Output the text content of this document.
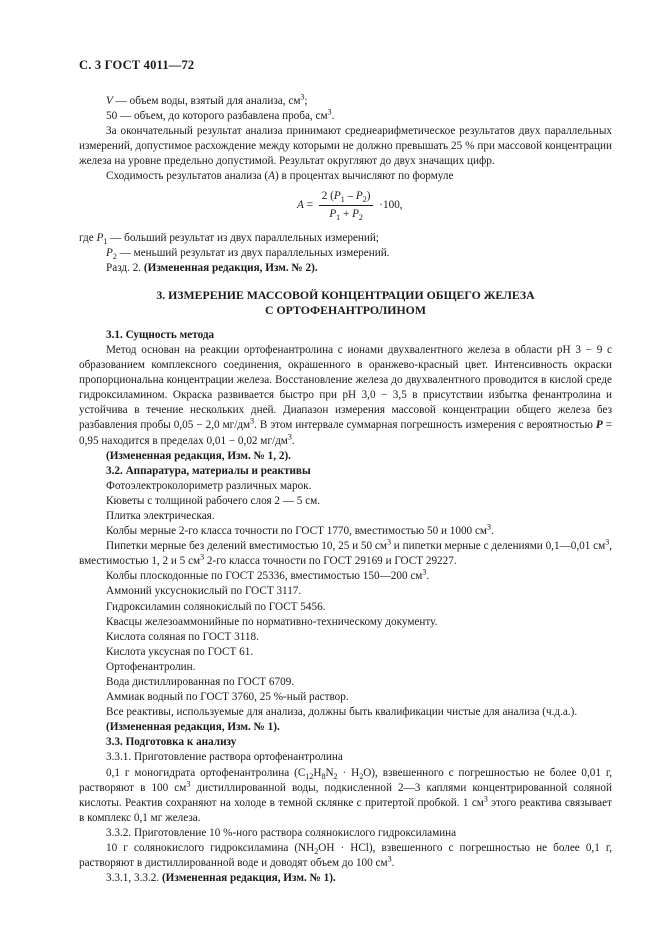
С. 3 ГОСТ 4011—72

V — объем воды, взятый для анализа, $см^3$;

50 — объем, до которого разбавлена проба, $см^3$.

За окончательный результат анализа принимают среднеарифметическое результатов двух параллельных измерений, допустимое расхождение между которыми не должно превышать 25 % при массовой концентрации железа на уровне предельно допустимой. Результат округляют до двух значащих цифр.

Сходимость результатов анализа (A) в процентах вычисляют по формуле

$A = \frac{2 (P_1 - P_2)}{P_1 + P_2} \cdot 100$,

где $P_1$ — больший результат из двух параллельных измерений;

$P_2$ — меньший результат из двух параллельных измерений.

Разд. 2. (Измененная редакция, Изм. № 2).

3. ИЗМЕРЕНИЕ МАССОВОЙ КОНЦЕНТРАЦИИ ОБЩЕГО ЖЕЛЕЗА

С ОРТОФЕНАНТРОЛИНОМ

3.1. Сущность метода

Метод основан на реакции ортофенантролина с ионами двухвалентного железа в области рН 3 − 9 с образованием комплексного соединения, окрашенного в оранжево-красный цвет. Интенсивность окраски пропорциональна концентрации железа. Восстановление железа до двухвалентного проводится в кислой среде гидроксиламином. Окраска развивается быстро при рН 3,0 − 3,5 в присутствии избытка фенантролина и устойчива в течение нескольких дней. Диапазон измерения массовой концентрации общего железа без разбавления пробы 0,05 − 2,0 $мг/дм^3$. В этом интервале суммарная погрешность измерения с вероятностью P = 0,95 находится в пределах 0,01 − 0,02 $мг/дм^3$.

(Измененная редакция, Изм. № 1, 2).

3.2. Аппаратура, материалы и реактивы

Фотоэлектроколориметр различных марок.

Кюветы с толщиной рабочего слоя 2 — 5 см.

Плитка электрическая.

Колбы мерные 2-го класса точности по ГОСТ 1770, вместимостью 50 и 1000 $см^3$.

Пипетки мерные без делений вместимостью 10, 25 и 50 $см^3$ и пипетки мерные с делениями 0,1—0,01 $см^3$, вместимостью 1, 2 и 5 $см^3$ 2-го класса точности по ГОСТ 29169 и ГОСТ 29227.

Колбы плоскодонные по ГОСТ 25336, вместимостью 150—200 $см^3$.

Аммоний уксуснокислый по ГОСТ 3117.

Гидроксиламин солянокислый по ГОСТ 5456.

Квасцы железоаммонийные по нормативно-техническому документу.

Кислота соляная по ГОСТ 3118.

Кислота уксусная по ГОСТ 61.

Ортофенантролин.

Вода дистиллированная по ГОСТ 6709.

Аммиак водный по ГОСТ 3760, 25 %-ный раствор.

Все реактивы, используемые для анализа, должны быть квалификации чистые для анализа (ч.д.а.).

(Измененная редакция, Изм. № 1).

3.3. Подготовка к анализу

3.3.1. Приготовление раствора ортофенантролина

0,1 г моногидрата ортофенантролина $(C_{12}H_8N_2 \cdot H_2O)$, взвешенного с погрешностью не более 0,01 г, растворяют в 100 $см^3$ дистиллированной воды, подкисленной 2—3 каплями концентрированной соляной кислоты. Реактив сохраняют на холоде в темной склянке с притертой пробкой. 1 $см^3$ этого реактива связывает в комплекс 0,1 мг железа.

3.3.2. Приготовление 10 %-ного раствора солянокислого гидроксиламина

10 г солянокислого гидроксиламина $(NH_2OH \cdot HCl)$, взвешенного с погрешностью не более 0,1 г, растворяют в дистиллированной воде и доводят объем до 100 $см^3$.

3.3.1, 3.3.2. (Измененная редакция, Изм. № 1).
